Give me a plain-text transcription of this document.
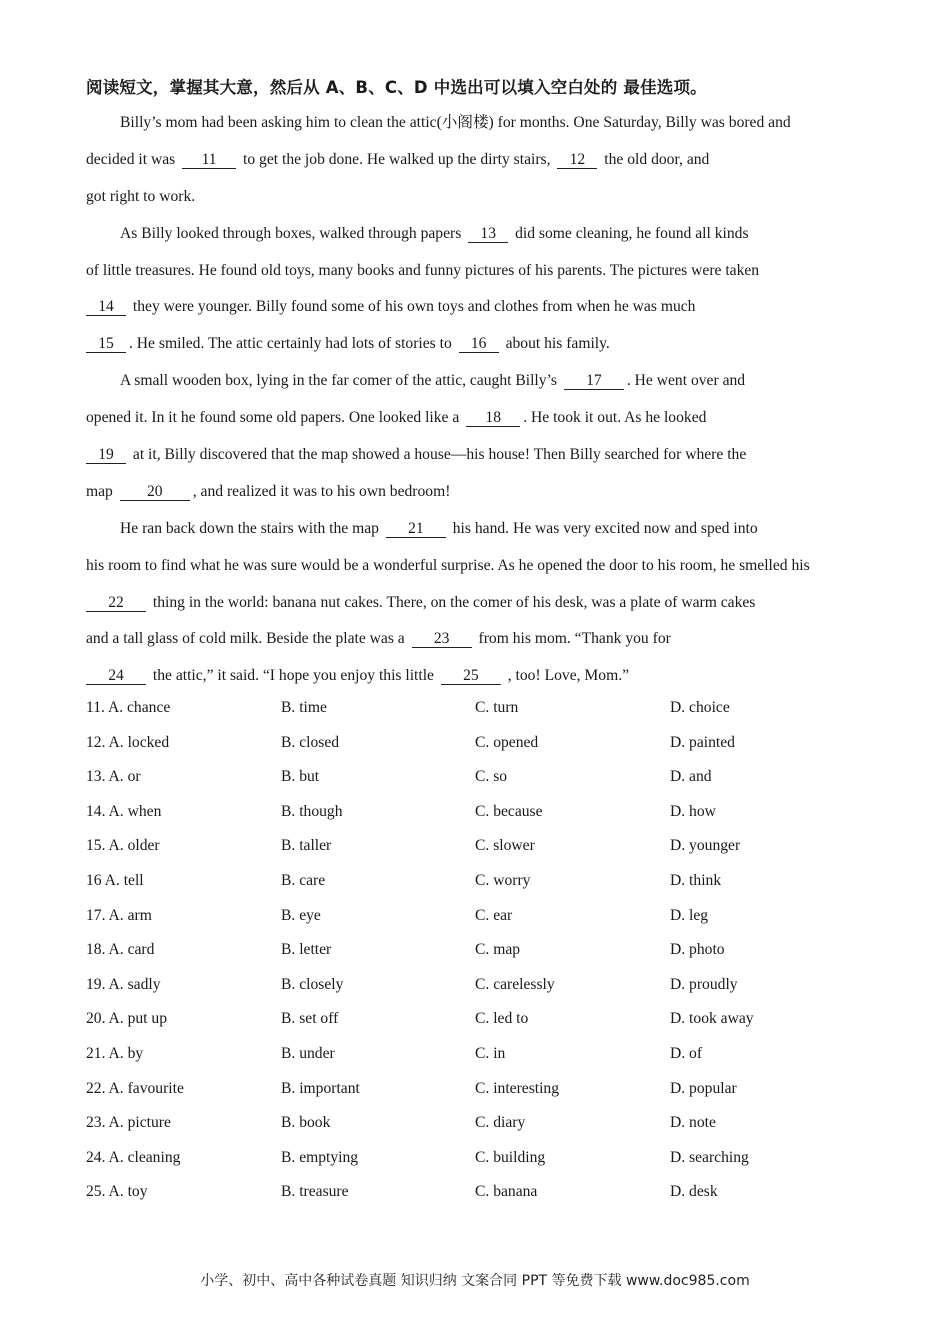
阅读短文，掌握其大意，然后从 A、B、C、D 中选出可以填入空白处的 最佳选项。
Billy’s mom had been asking him to clean the attic(小阁楼) for months. One Saturday, Billy was bored and
decided it was 11 to get the job done. He walked up the dirty stairs, 12 the old door, and
got right to work.
As Billy looked through boxes, walked through papers 13 did some cleaning, he found all kinds
of little treasures. He found old toys, many books and funny pictures of his parents. The pictures were taken
14 they were younger. Billy found some of his own toys and clothes from when he was much
15 . He smiled. The attic certainly had lots of stories to 16 about his family.
A small wooden box, lying in the far comer of the attic, caught Billy’s 17 . He went over and
opened it. In it he found some old papers. One looked like a 18 . He took it out. As he looked
19 at it, Billy discovered that the map showed a house—his house! Then Billy searched for where the
map 20 , and realized it was to his own bedroom!
He ran back down the stairs with the map 21 his hand. He was very excited now and sped into
his room to find what he was sure would be a wonderful surprise. As he opened the door to his room, he smelled his
22 thing in the world: banana nut cakes. There, on the comer of his desk, was a plate of warm cakes
and a tall glass of cold milk. Beside the plate was a 23 from his mom. “Thank you for
24 the attic,” it said. “I hope you enjoy this little 25 , too! Love, Mom.”
11. A. chance	B. time	C. turn	D. choice
12. A. locked	B. closed	C. opened	D. painted
13. A. or	B. but	C. so	D. and
14. A. when	B. though	C. because	D. how
15. A. older	B. taller	C. slower	D. younger
16 A. tell	B. care	C. worry	D. think
17. A. arm	B. eye	C. ear	D. leg
18. A. card	B. letter	C. map	D. photo
19. A. sadly	B. closely	C. carelessly	D. proudly
20. A. put up	B. set off	C. led to	D. took away
21. A. by	B. under	C. in	D. of
22. A. favourite	B. important	C. interesting	D. popular
23. A. picture	B. book	C. diary	D. note
24. A. cleaning	B. emptying	C. building	D. searching
25. A. toy	B. treasure	C. banana	D. desk
小学、初中、高中各种试卷真题 知识归纳 文案合同 PPT 等免费下载 www.doc985.com
